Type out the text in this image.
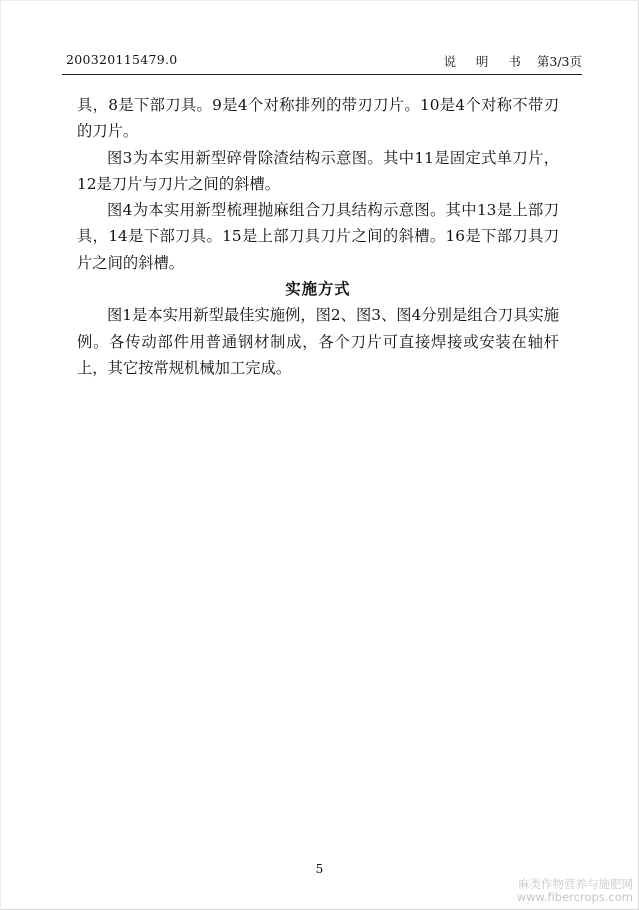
200320115479.0	说 明 书 第3/3页

具，8是下部刀具。9是4个对称排列的带刃刀片。10是4个对称不带刃的刀片。

图3为本实用新型碎骨除渣结构示意图。其中11是固定式单刀片，12是刀片与刀片之间的斜槽。

图4为本实用新型梳理抛麻组合刀具结构示意图。其中13是上部刀具，14是下部刀具。15是上部刀具刀片之间的斜槽。16是下部刀具刀片之间的斜槽。

实施方式

图1是本实用新型最佳实施例，图2、图3、图4分别是组合刀具实施例。各传动部件用普通钢材制成，各个刀片可直接焊接或安装在轴杆上，其它按常规机械加工完成。

5
麻类作物营养与施肥网
www.fibercrops.com
